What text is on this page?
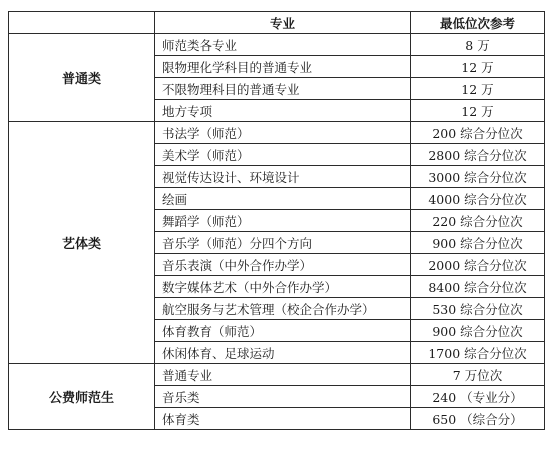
	专业	最低位次参考
普通类	师范类各专业	8 万
	限物理化学科目的普通专业	12 万
	不限物理科目的普通专业	12 万
	地方专项	12 万
艺体类	书法学（师范）	200 综合分位次
	美术学（师范）	2800 综合分位次
	视觉传达设计、环境设计	3000 综合分位次
	绘画	4000 综合分位次
	舞蹈学（师范）	220 综合分位次
	音乐学（师范）分四个方向	900 综合分位次
	音乐表演（中外合作办学）	2000 综合分位次
	数字媒体艺术（中外合作办学）	8400 综合分位次
	航空服务与艺术管理（校企合作办学）	530 综合分位次
	体育教育（师范）	900 综合分位次
	休闲体育、足球运动	1700 综合分位次
公费师范生	普通专业	7 万位次
	音乐类	240 （专业分）
	体育类	650 （综合分）
